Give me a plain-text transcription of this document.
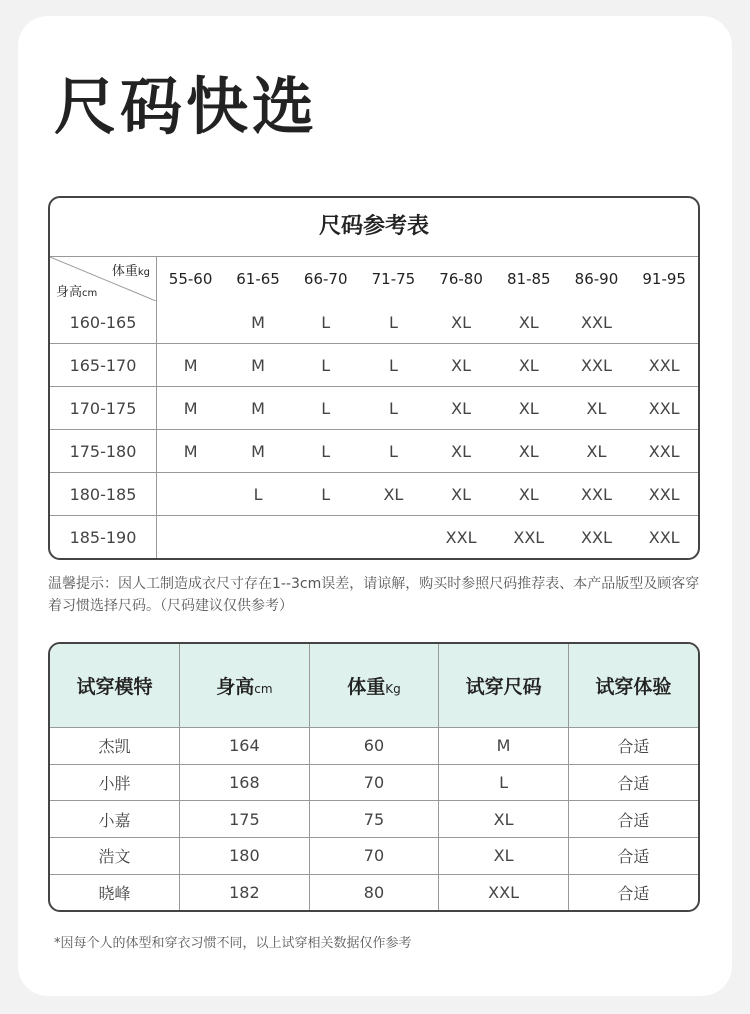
尺码快选
尺码参考表
体重kg
身高cm	55-60	61-65	66-70	71-75	76-80	81-85	86-90	91-95
160-165		M	L	L	XL	XL	XXL	
165-170	M	M	L	L	XL	XL	XXL	XXL
170-175	M	M	L	L	XL	XL	XL	XXL
175-180	M	M	L	L	XL	XL	XL	XXL
180-185		L	L	XL	XL	XL	XXL	XXL
185-190					XXL	XXL	XXL	XXL
温馨提示：因人工制造成衣尺寸存在1--3cm误差，请谅解，购买时参照尺码推荐表、本产品版型及顾客穿着习惯选择尺码。（尺码建议仅供参考）
试穿模特	身高cm	体重Kg	试穿尺码	试穿体验
杰凯	164	60	M	合适
小胖	168	70	L	合适
小嘉	175	75	XL	合适
浩文	180	70	XL	合适
晓峰	182	80	XXL	合适
*因每个人的体型和穿衣习惯不同，以上试穿相关数据仅作参考
